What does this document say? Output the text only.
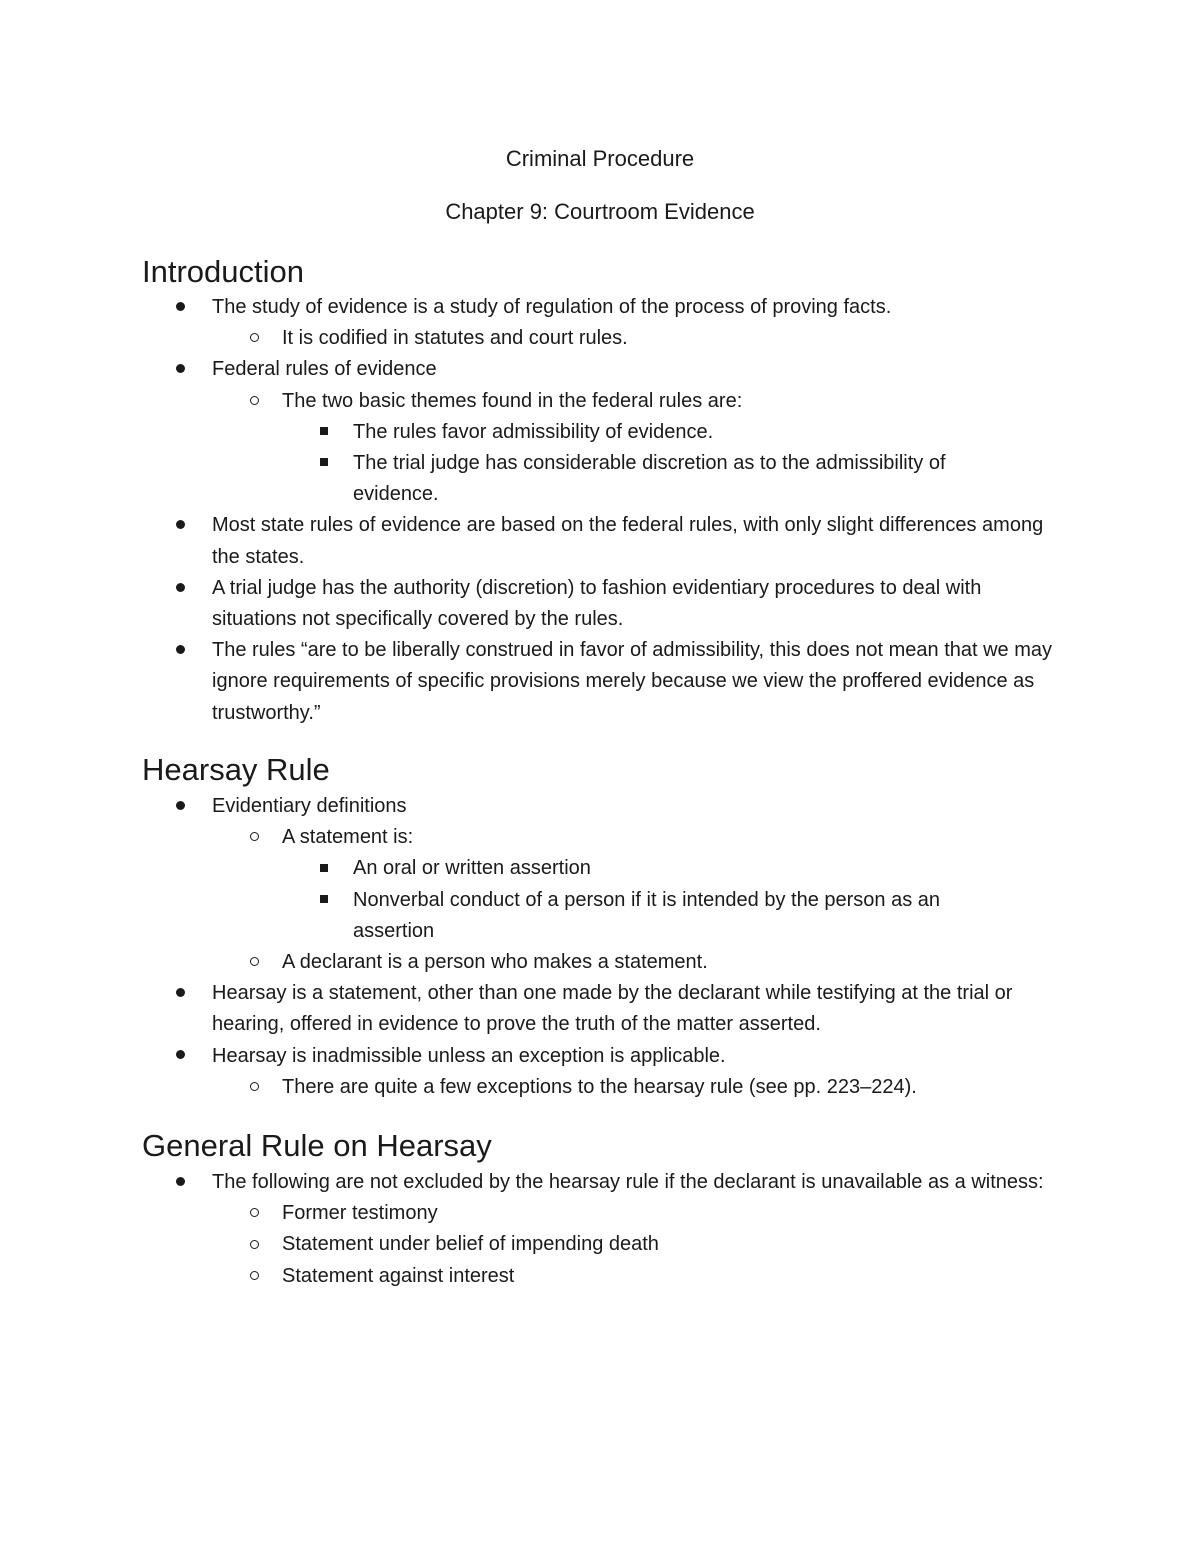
Criminal Procedure
Chapter 9: Courtroom Evidence
Introduction
The study of evidence is a study of regulation of the process of proving facts.
It is codified in statutes and court rules.
Federal rules of evidence
The two basic themes found in the federal rules are:
The rules favor admissibility of evidence.
The trial judge has considerable discretion as to the admissibility of evidence.
Most state rules of evidence are based on the federal rules, with only slight differences among the states.
A trial judge has the authority (discretion) to fashion evidentiary procedures to deal with situations not specifically covered by the rules.
The rules “are to be liberally construed in favor of admissibility, this does not mean that we may ignore requirements of specific provisions merely because we view the proffered evidence as trustworthy.”
Hearsay Rule
Evidentiary definitions
A statement is:
An oral or written assertion
Nonverbal conduct of a person if it is intended by the person as an assertion
A declarant is a person who makes a statement.
Hearsay is a statement, other than one made by the declarant while testifying at the trial or hearing, offered in evidence to prove the truth of the matter asserted.
Hearsay is inadmissible unless an exception is applicable.
There are quite a few exceptions to the hearsay rule (see pp. 223–224).
General Rule on Hearsay
The following are not excluded by the hearsay rule if the declarant is unavailable as a witness:
Former testimony
Statement under belief of impending death
Statement against interest
